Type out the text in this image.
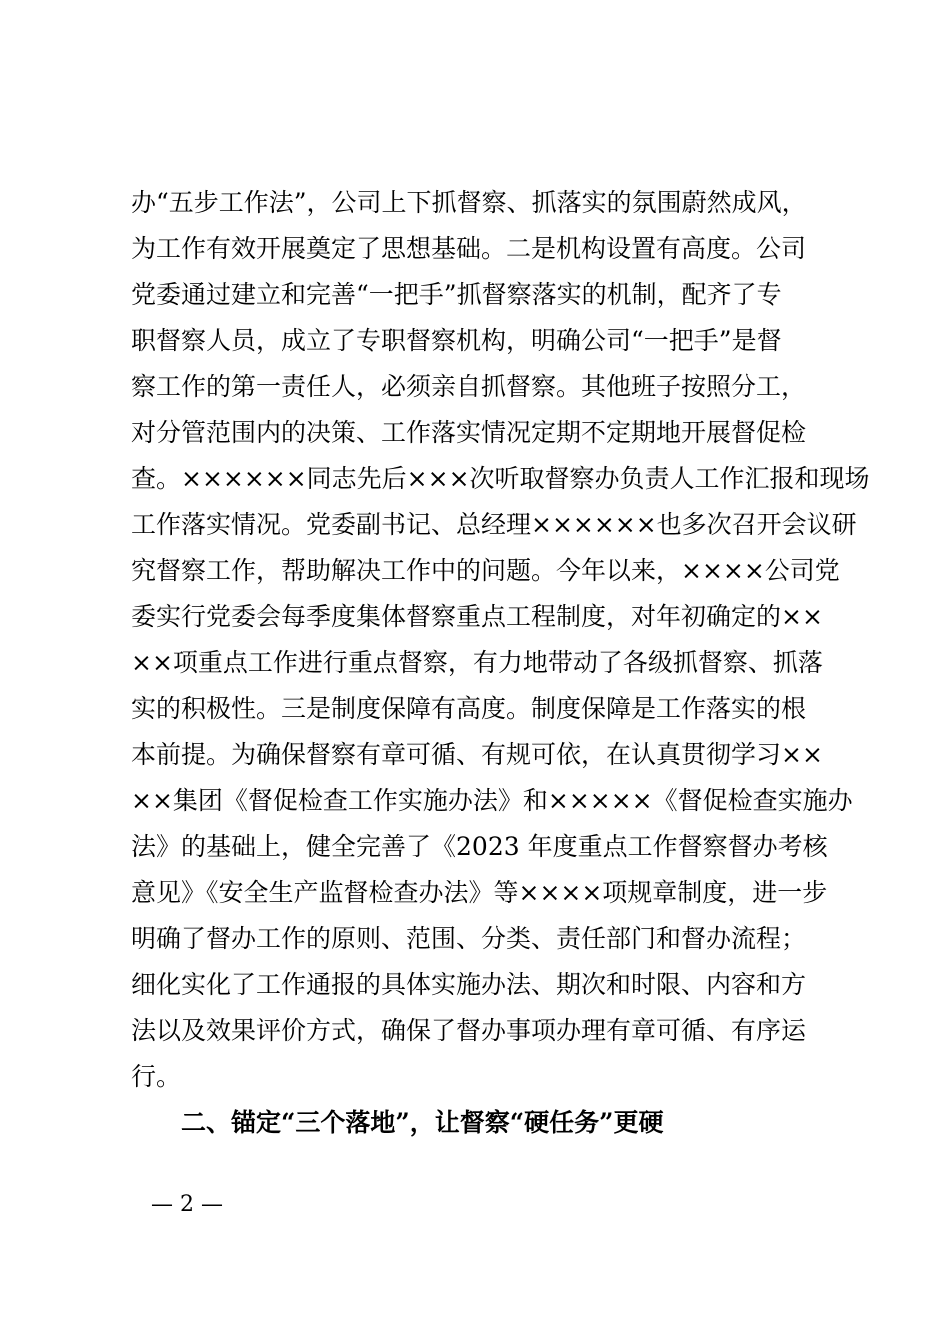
办“五步工作法”，公司上下抓督察、抓落实的氛围蔚然成风，
为工作有效开展奠定了思想基础。二是机构设置有高度。公司
党委通过建立和完善“一把手”抓督察落实的机制，配齐了专
职督察人员，成立了专职督察机构，明确公司“一把手”是督
察工作的第一责任人，必须亲自抓督察。其他班子按照分工，
对分管范围内的决策、工作落实情况定期不定期地开展督促检
查。××××××同志先后×××次听取督察办负责人工作汇报和现场
工作落实情况。党委副书记、总经理××××××也多次召开会议研
究督察工作，帮助解决工作中的问题。今年以来，××××公司党
委实行党委会每季度集体督察重点工程制度，对年初确定的××
××项重点工作进行重点督察，有力地带动了各级抓督察、抓落
实的积极性。三是制度保障有高度。制度保障是工作落实的根
本前提。为确保督察有章可循、有规可依，在认真贯彻学习××
××集团《督促检查工作实施办法》和×××××《督促检查实施办
法》的基础上，健全完善了《2023 年度重点工作督察督办考核
意见》《安全生产监督检查办法》等××××项规章制度，进一步
明确了督办工作的原则、范围、分类、责任部门和督办流程；
细化实化了工作通报的具体实施办法、期次和时限、内容和方
法以及效果评价方式，确保了督办事项办理有章可循、有序运
行。
二、锚定“三个落地”，让督察“硬任务”更硬
— 2 —
